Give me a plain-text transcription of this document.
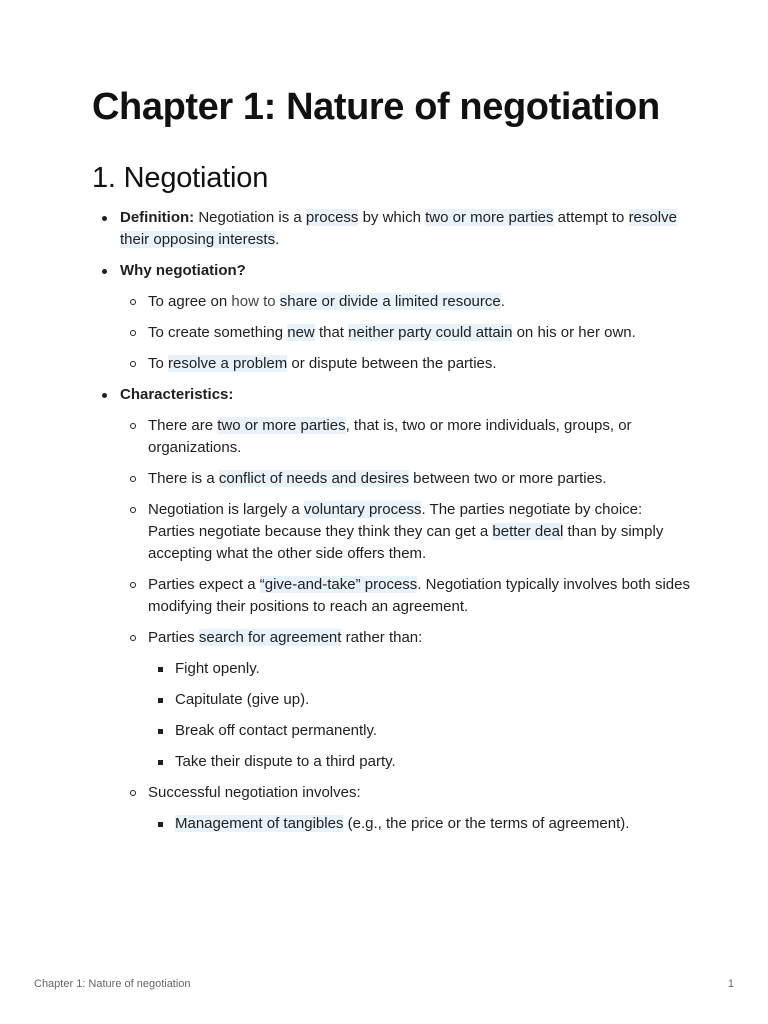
Chapter 1: Nature of negotiation
1. Negotiation
Definition: Negotiation is a process by which two or more parties attempt to resolve their opposing interests.
Why negotiation?
To agree on how to share or divide a limited resource.
To create something new that neither party could attain on his or her own.
To resolve a problem or dispute between the parties.
Characteristics:
There are two or more parties, that is, two or more individuals, groups, or organizations.
There is a conflict of needs and desires between two or more parties.
Negotiation is largely a voluntary process. The parties negotiate by choice: Parties negotiate because they think they can get a better deal than by simply accepting what the other side offers them.
Parties expect a “give-and-take” process. Negotiation typically involves both sides modifying their positions to reach an agreement.
Parties search for agreement rather than:
Fight openly.
Capitulate (give up).
Break off contact permanently.
Take their dispute to a third party.
Successful negotiation involves:
Management of tangibles (e.g., the price or the terms of agreement).
Chapter 1: Nature of negotiation	1
